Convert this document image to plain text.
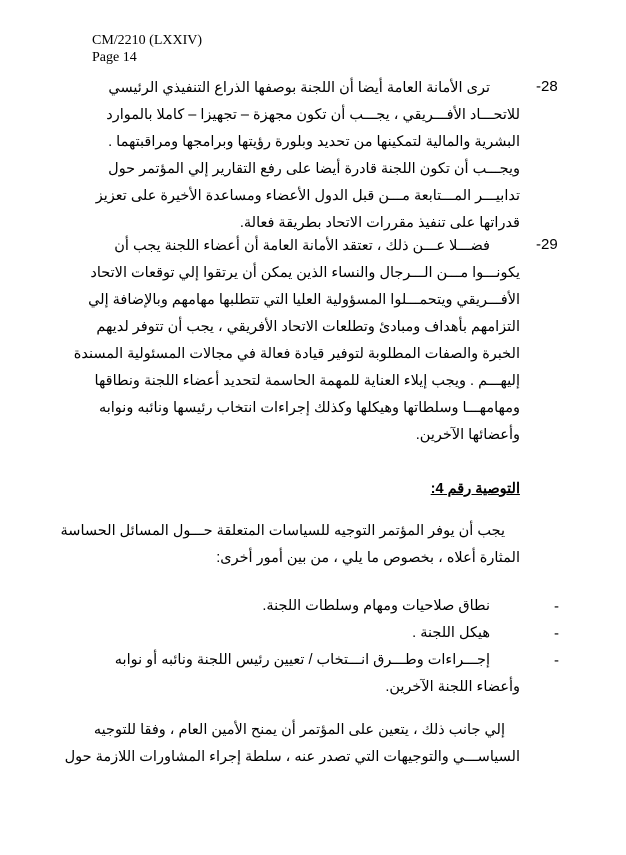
CM/2210 (LXXIV)
Page 14
-28
ترى الأمانة العامة أيضا أن اللجنة بوصفها الذراع التنفيذي الرئيسي
للاتحـــاد الأفـــريقي ، يجـــب أن تكون مجهزة – تجهيزا – كاملا بالموارد
البشرية والمالية لتمكينها من تحديد وبلورة رؤيتها وبرامجها ومراقبتهما .
ويجـــب أن تكون اللجنة قادرة أيضا على رفع التقارير إلي المؤتمر حول
تدابيـــر المـــتابعة مـــن قبل الدول الأعضاء ومساعدة الأخيرة على تعزيز
قدراتها على تنفيذ مقررات الاتحاد بطريقة فعالة.
-29
فضـــلا عـــن ذلك ، تعتقد الأمانة العامة أن أعضاء اللجنة يجب أن
يكونـــوا مـــن الـــرجال والنساء الذين يمكن أن يرتقوا إلي توقعات الاتحاد
الأفـــريقي ويتحمـــلوا المسؤولية العليا التي تتطلبها مهامهم وبالإضافة إلي
التزامهم بأهداف ومبادئ وتطلعات الاتحاد الأفريقي ، يجب أن تتوفر لديهم
الخبرة والصفات المطلوبة لتوفير قيادة فعالة في مجالات المسئولية المسندة
إليهـــم . ويجب إيلاء العناية للمهمة الحاسمة لتحديد أعضاء اللجنة ونطاقها
ومهامهـــا وسلطاتها وهيكلها وكذلك إجراءات انتخاب رئيسها ونائبه ونوابه
وأعضائها الآخرين.
التوصية رقم 4:
يجب أن يوفر المؤتمر التوجيه للسياسات المتعلقة حـــول المسائل الحساسة
المثارة أعلاه ، بخصوص ما يلي ، من بين أمور أخرى:
-
نطاق صلاحيات ومهام وسلطات اللجنة.
-
هيكل اللجنة .
-
إجـــراءات وطـــرق انـــتخاب / تعيين رئيس اللجنة ونائبه أو نوابه
وأعضاء اللجنة الآخرين.
إلي جانب ذلك ، يتعين على المؤتمر أن يمنح الأمين العام ، وفقا للتوجيه
السياســـي والتوجيهات التي تصدر عنه ، سلطة إجراء المشاورات اللازمة حول
